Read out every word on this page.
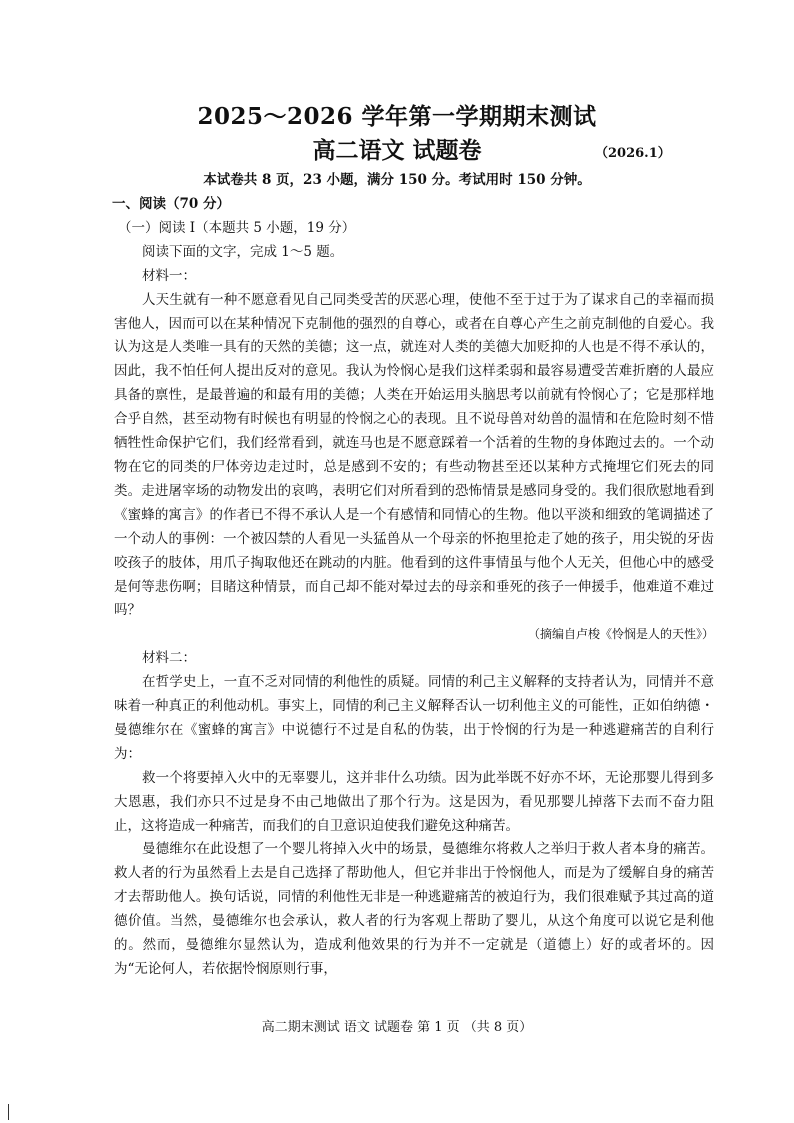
2025～2026 学年第一学期期末测试
高二语文 试题卷	（2026.1）
本试卷共 8 页，23 小题，满分 150 分。考试用时 150 分钟。

一、阅读（70 分）

（一）阅读 Ⅰ（本题共 5 小题，19 分）

阅读下面的文字，完成 1～5 题。

材料一：

人天生就有一种不愿意看见自己同类受苦的厌恶心理，使他不至于过于为了谋求自己的幸福而损害他人，因而可以在某种情况下克制他的强烈的自尊心，或者在自尊心产生之前克制他的自爱心。我认为这是人类唯一具有的天然的美德；这一点，就连对人类的美德大加贬抑的人也是不得不承认的，因此，我不怕任何人提出反对的意见。我认为怜悯心是我们这样柔弱和最容易遭受苦难折磨的人最应具备的禀性，是最普遍的和最有用的美德；人类在开始运用头脑思考以前就有怜悯心了；它是那样地合乎自然，甚至动物有时候也有明显的怜悯之心的表现。且不说母兽对幼兽的温情和在危险时刻不惜牺牲性命保护它们，我们经常看到，就连马也是不愿意踩着一个活着的生物的身体跑过去的。一个动物在它的同类的尸体旁边走过时，总是感到不安的；有些动物甚至还以某种方式掩埋它们死去的同类。走进屠宰场的动物发出的哀鸣，表明它们对所看到的恐怖情景是感同身受的。我们很欣慰地看到《蜜蜂的寓言》的作者已不得不承认人是一个有感情和同情心的生物。他以平淡和细致的笔调描述了一个动人的事例：一个被囚禁的人看见一头猛兽从一个母亲的怀抱里抢走了她的孩子，用尖锐的牙齿咬孩子的肢体，用爪子掏取他还在跳动的内脏。他看到的这件事情虽与他个人无关，但他心中的感受是何等悲伤啊；目睹这种情景，而自己却不能对晕过去的母亲和垂死的孩子一伸援手，他难道不难过吗？

（摘编自卢梭《怜悯是人的天性》）

材料二：

在哲学史上，一直不乏对同情的利他性的质疑。同情的利己主义解释的支持者认为，同情并不意味着一种真正的利他动机。事实上，同情的利己主义解释否认一切利他主义的可能性，正如伯纳德・曼德维尔在《蜜蜂的寓言》中说德行不过是自私的伪装，出于怜悯的行为是一种逃避痛苦的自利行为：

救一个将要掉入火中的无辜婴儿，这并非什么功绩。因为此举既不好亦不坏，无论那婴儿得到多大恩惠，我们亦只不过是身不由己地做出了那个行为。这是因为，看见那婴儿掉落下去而不奋力阻止，这将造成一种痛苦，而我们的自卫意识迫使我们避免这种痛苦。

曼德维尔在此设想了一个婴儿将掉入火中的场景，曼德维尔将救人之举归于救人者本身的痛苦。救人者的行为虽然看上去是自己选择了帮助他人，但它并非出于怜悯他人，而是为了缓解自身的痛苦才去帮助他人。换句话说，同情的利他性无非是一种逃避痛苦的被迫行为，我们很难赋予其过高的道德价值。当然，曼德维尔也会承认，救人者的行为客观上帮助了婴儿，从这个角度可以说它是利他的。然而，曼德维尔显然认为，造成利他效果的行为并不一定就是（道德上）好的或者坏的。因为“无论何人，若依据怜悯原则行事，

高二期末测试 语文 试题卷 第 1 页 （共 8 页）
